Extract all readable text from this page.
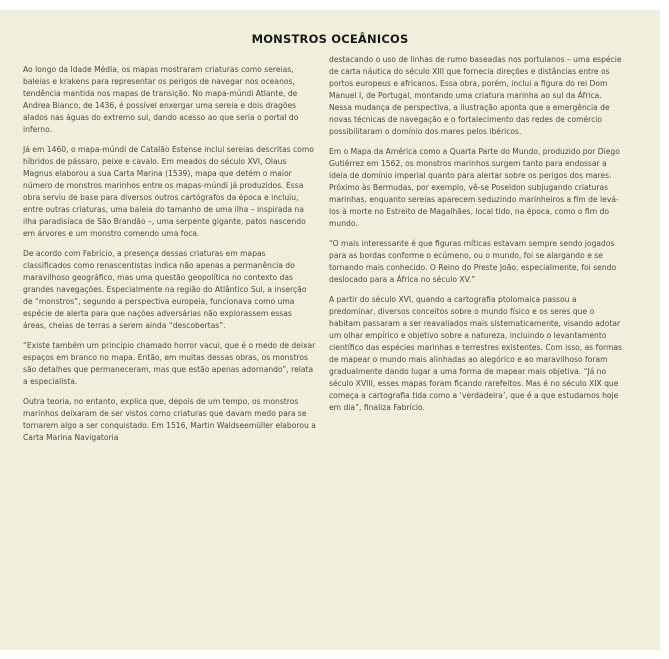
MONSTROS OCEÂNICOS

Ao longo da Idade Média, os mapas mostraram criaturas como sereias, baleias e krakens para representar os perigos de navegar nos oceanos, tendência mantida nos mapas de transição. No mapa-múndi Atlante, de Andrea Bianco, de 1436, é possível enxergar uma sereia e dois dragões alados nas águas do extremo sul, dando acesso ao que seria o portal do inferno.

Já em 1460, o mapa-múndi de Catalão Estense inclui sereias descritas como híbridos de pássaro, peixe e cavalo. Em meados do século XVI, Olaus Magnus elaborou a sua Carta Marina (1539), mapa que detém o maior número de monstros marinhos entre os mapas-múndi já produzidos. Essa obra serviu de base para diversos outros cartógrafos da época e incluiu, entre outras criaturas, uma baleia do tamanho de uma ilha – inspirada na ilha paradisíaca de São Brandão –, uma serpente gigante, patos nascendo em árvores e um monstro comendo uma foca.

De acordo com Fabrício, a presença dessas criaturas em mapas classificados como renascentistas indica não apenas a permanência do maravilhoso geográfico, mas uma questão geopolítica no contexto das grandes navegações. Especialmente na região do Atlântico Sul, a inserção de “monstros”, segundo a perspectiva europeia, funcionava como uma espécie de alerta para que nações adversárias não explorassem essas áreas, cheias de terras a serem ainda “descobertas”.

“Existe também um princípio chamado horror vacui, que é o medo de deixar espaços em branco no mapa. Então, em muitas dessas obras, os monstros são detalhes que permaneceram, mas que estão apenas adornando”, relata a especialista.

Outra teoria, no entanto, explica que, depois de um tempo, os monstros marinhos deixaram de ser vistos como criaturas que davam medo para se tornarem algo a ser conquistado. Em 1516, Martin Waldseemüller elaborou a Carta Marina Navigatoria

destacando o uso de linhas de rumo baseadas nos portulanos – uma espécie de carta náutica do século XIII que fornecia direções e distâncias entre os portos europeus e africanos. Essa obra, porém, inclui a figura do rei Dom Manuel I, de Portugal, montando uma criatura marinha ao sul da África. Nessa mudança de perspectiva, a ilustração aponta que a emergência de novas técnicas de navegação e o fortalecimento das redes de comércio possibilitaram o domínio dos mares pelos ibéricos.

Em o Mapa da América como a Quarta Parte do Mundo, produzido por Diego Gutiérrez em 1562, os monstros marinhos surgem tanto para endossar a ideia de domínio imperial quanto para alertar sobre os perigos dos mares. Próximo às Bermudas, por exemplo, vê-se Poseidon subjugando criaturas marinhas, enquanto sereias aparecem seduzindo marinheiros a fim de levá-los à morte no Estreito de Magalhães, local tido, na época, como o fim do mundo.

“O mais interessante é que figuras míticas estavam sempre sendo jogados para as bordas conforme o ecúmeno, ou o mundo, foi se alargando e se tornando mais conhecido. O Reino do Preste João, especialmente, foi sendo deslocado para a África no século XV.”

A partir do século XVI, quando a cartografia ptolomaica passou a predominar, diversos conceitos sobre o mundo físico e os seres que o habitam passaram a ser reavaliados mais sistematicamente, visando adotar um olhar empírico e objetivo sobre a natureza, incluindo o levantamento científico das espécies marinhas e terrestres existentes. Com isso, as formas de mapear o mundo mais alinhadas ao alegórico e ao maravilhoso foram gradualmente dando lugar a uma forma de mapear mais objetiva. “Já no século XVIII, esses mapas foram ficando rarefeitos. Mas é no século XIX que começa a cartografia tida como a ‘verdadeira’, que é a que estudamos hoje em dia”, finaliza Fabrício.
